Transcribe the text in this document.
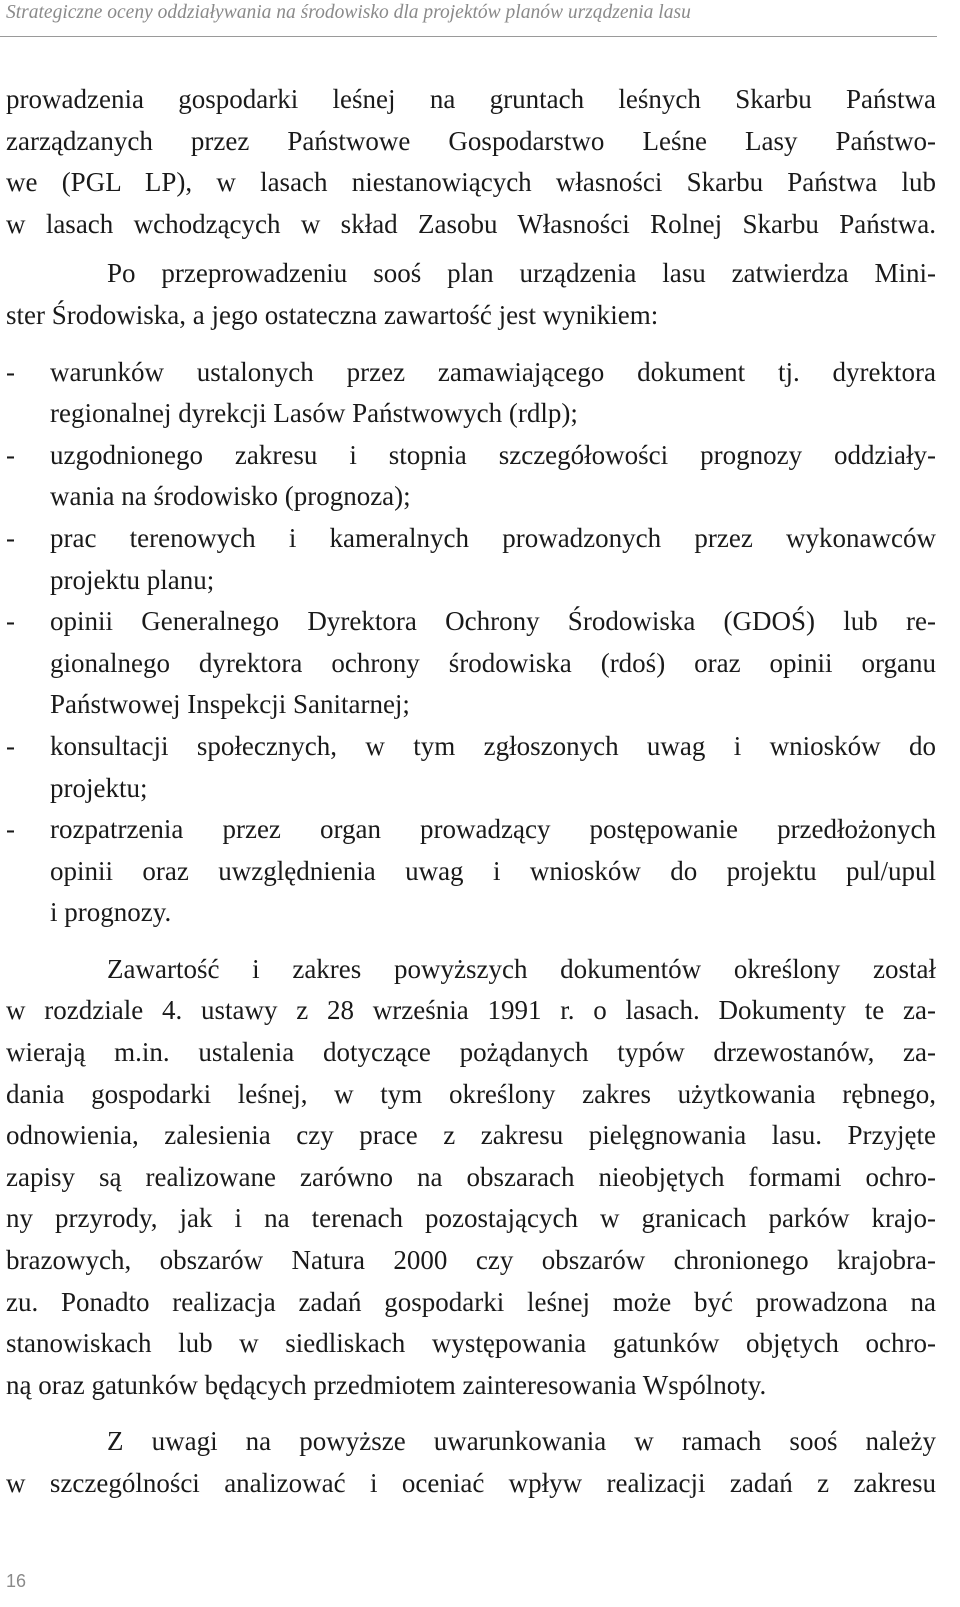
Strategiczne oceny oddziaływania na środowisko dla projektów planów urządzenia lasu
prowadzenia gospodarki leśnej na gruntach leśnych Skarbu Państwa
zarządzanych przez Państwowe Gospodarstwo Leśne Lasy Państwo-
we (PGL LP), w lasach niestanowiących własności Skarbu Państwa lub
w lasach wchodzących w skład Zasobu Własności Rolnej Skarbu Państwa.
Po przeprowadzeniu sooś plan urządzenia lasu zatwierdza Mini-
ster Środowiska, a jego ostateczna zawartość jest wynikiem:
- warunków ustalonych przez zamawiającego dokument tj. dyrektora
regionalnej dyrekcji Lasów Państwowych (rdlp);
- uzgodnionego zakresu i stopnia szczegółowości prognozy oddziały-
wania na środowisko (prognoza);
- prac terenowych i kameralnych prowadzonych przez wykonawców
projektu planu;
- opinii Generalnego Dyrektora Ochrony Środowiska (GDOŚ) lub re-
gionalnego dyrektora ochrony środowiska (rdoś) oraz opinii organu
Państwowej Inspekcji Sanitarnej;
- konsultacji społecznych, w tym zgłoszonych uwag i wniosków do
projektu;
- rozpatrzenia przez organ prowadzący postępowanie przedłożonych
opinii oraz uwzględnienia uwag i wniosków do projektu pul/upul
i prognozy.
Zawartość i zakres powyższych dokumentów określony został
w rozdziale 4. ustawy z 28 września 1991 r. o lasach. Dokumenty te za-
wierają m.in. ustalenia dotyczące pożądanych typów drzewostanów, za-
dania gospodarki leśnej, w tym określony zakres użytkowania rębnego,
odnowienia, zalesienia czy prace z zakresu pielęgnowania lasu. Przyjęte
zapisy są realizowane zarówno na obszarach nieobjętych formami ochro-
ny przyrody, jak i na terenach pozostających w granicach parków krajo-
brazowych, obszarów Natura 2000 czy obszarów chronionego krajobra-
zu. Ponadto realizacja zadań gospodarki leśnej może być prowadzona na
stanowiskach lub w siedliskach występowania gatunków objętych ochro-
ną oraz gatunków będących przedmiotem zainteresowania Wspólnoty.
Z uwagi na powyższe uwarunkowania w ramach sooś należy
w szczególności analizować i oceniać wpływ realizacji zadań z zakresu
16
